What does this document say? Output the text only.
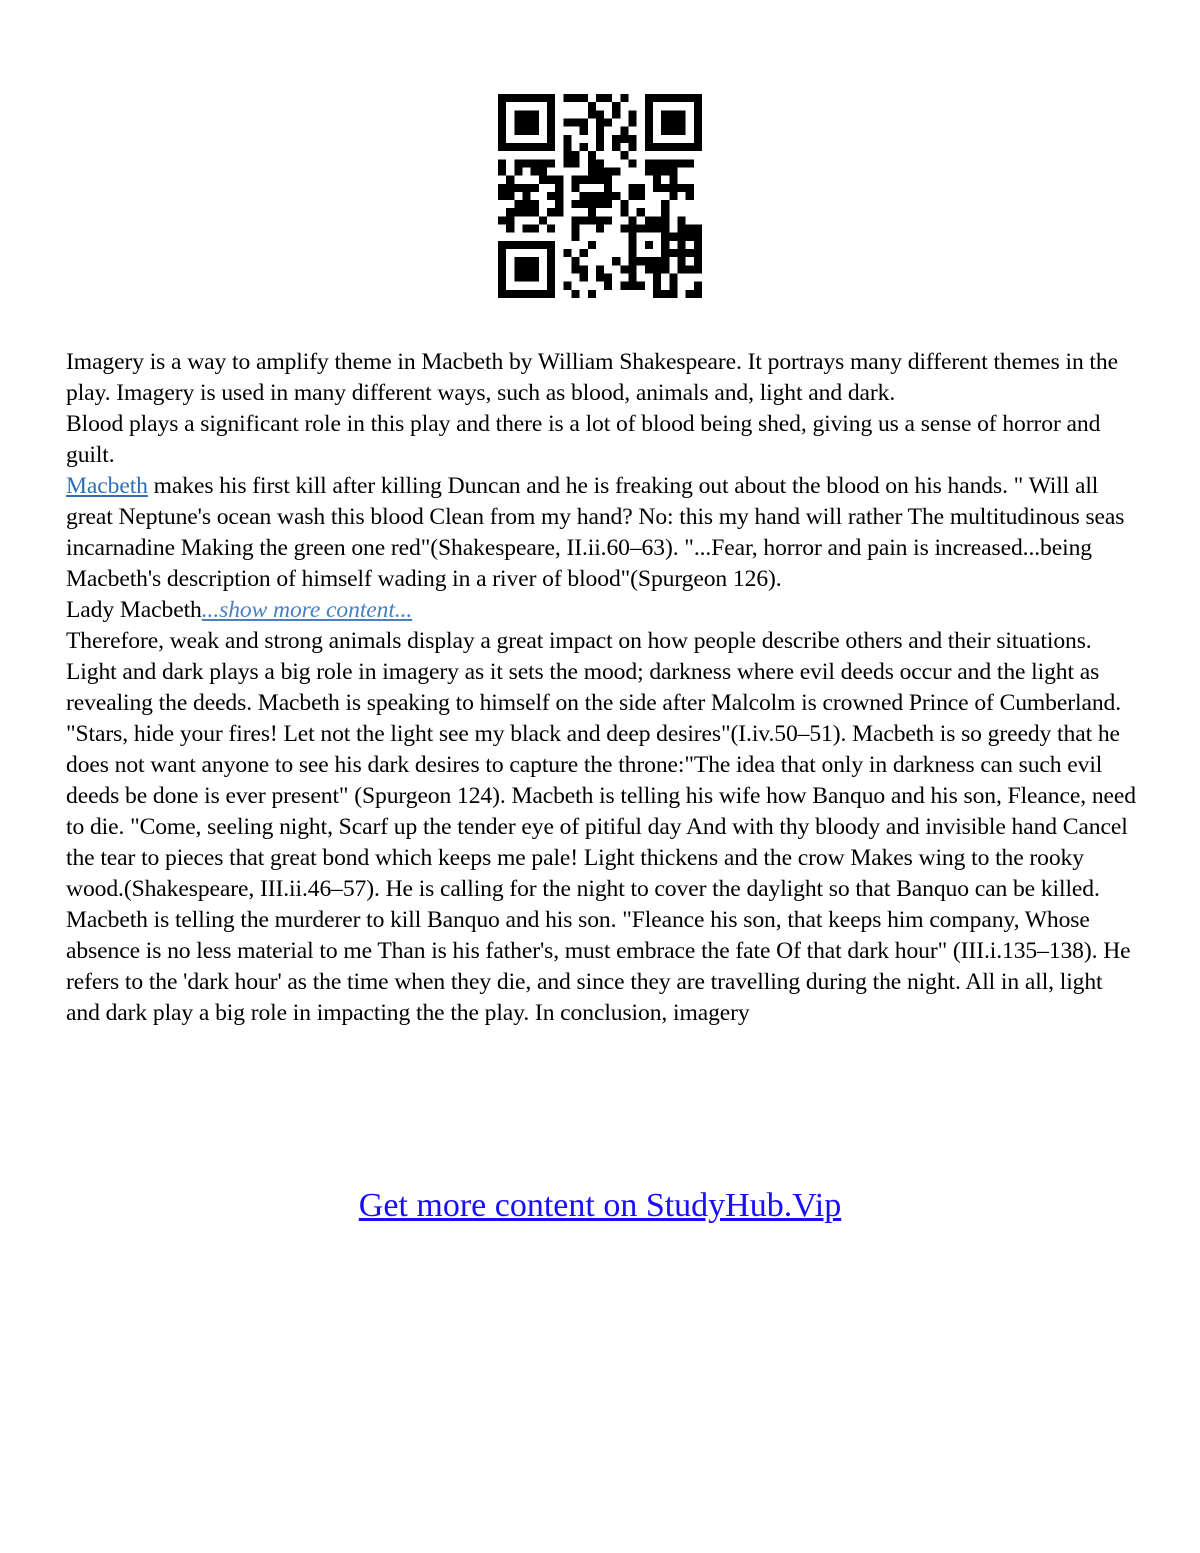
Imagery is a way to amplify theme in Macbeth by William Shakespeare. It portrays many different themes in the play. Imagery is used in many different ways, such as blood, animals and, light and dark.

Blood plays a significant role in this play and there is a lot of blood being shed, giving us a sense of horror and guilt.

Macbeth makes his first kill after killing Duncan and he is freaking out about the blood on his hands. " Will all great Neptune's ocean wash this blood Clean from my hand? No: this my hand will rather The multitudinous seas incarnadine Making the green one red"(Shakespeare, II.ii.60–63). "...Fear, horror and pain is increased...being Macbeth's description of himself wading in a river of blood"(Spurgeon 126).

Lady Macbeth...show more content...

Therefore, weak and strong animals display a great impact on how people describe others and their situations. Light and dark plays a big role in imagery as it sets the mood; darkness where evil deeds occur and the light as revealing the deeds. Macbeth is speaking to himself on the side after Malcolm is crowned Prince of Cumberland. "Stars, hide your fires! Let not the light see my black and deep desires"(I.iv.50–51). Macbeth is so greedy that he does not want anyone to see his dark desires to capture the throne:"The idea that only in darkness can such evil deeds be done is ever present" (Spurgeon 124). Macbeth is telling his wife how Banquo and his son, Fleance, need to die. "Come, seeling night, Scarf up the tender eye of pitiful day And with thy bloody and invisible hand Cancel the tear to pieces that great bond which keeps me pale! Light thickens and the crow Makes wing to the rooky wood.(Shakespeare, III.ii.46–57). He is calling for the night to cover the daylight so that Banquo can be killed. Macbeth is telling the murderer to kill Banquo and his son. "Fleance his son, that keeps him company, Whose absence is no less material to me Than is his father's, must embrace the fate Of that dark hour" (III.i.135–138). He refers to the 'dark hour' as the time when they die, and since they are travelling during the night. All in all, light and dark play a big role in impacting the the play. In conclusion, imagery

Get more content on StudyHub.Vip
